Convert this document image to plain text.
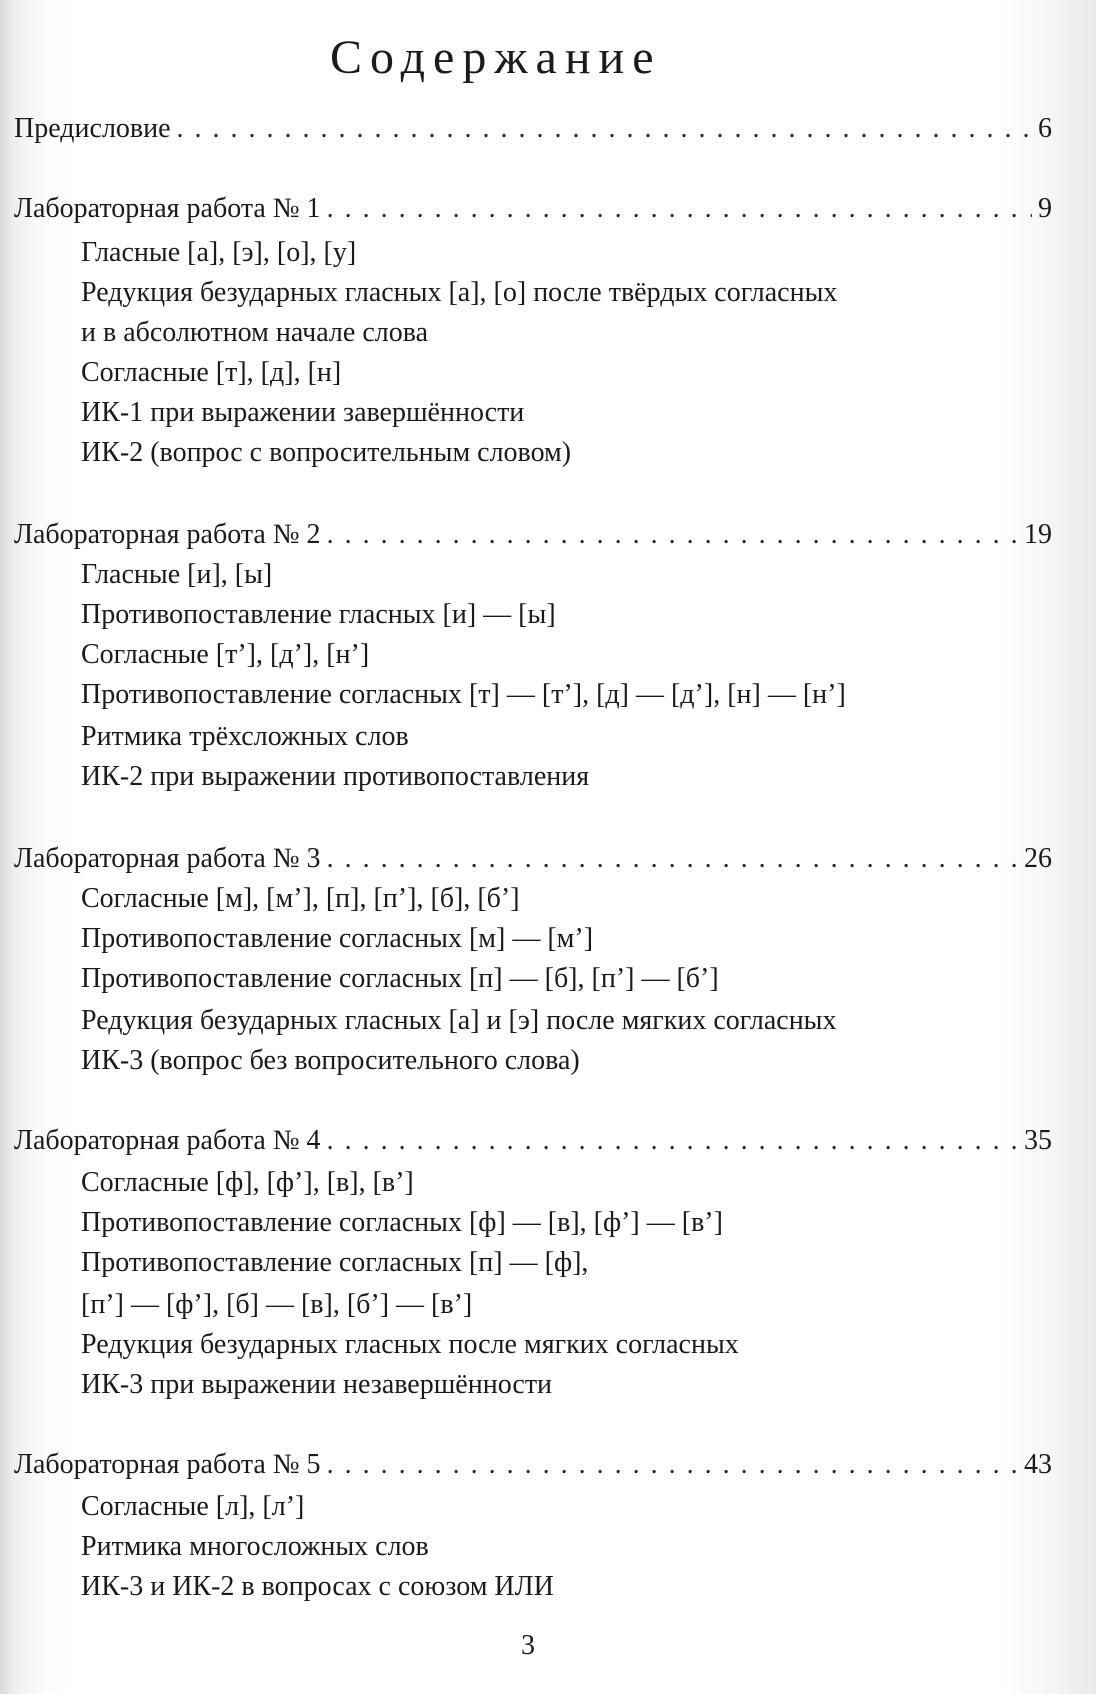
Содержание
Предисловие . . .	6
Лабораторная работа № 1 . . .	9
Гласные [а], [э], [о], [у]
Редукция безударных гласных [а], [о] после твёрдых согласных
и в абсолютном начале слова
Согласные [т], [д], [н]
ИК-1 при выражении завершённости
ИК-2 (вопрос с вопросительным словом)
Лабораторная работа № 2 . . .	19
Гласные [и], [ы]
Противопоставление гласных [и] — [ы]
Согласные [т’], [д’], [н’]
Противопоставление согласных [т] — [т’], [д] — [д’], [н] — [н’]
Ритмика трёхсложных слов
ИК-2 при выражении противопоставления
Лабораторная работа № 3 . . .	26
Согласные [м], [м’], [п], [п’], [б], [б’]
Противопоставление согласных [м] — [м’]
Противопоставление согласных [п] — [б], [п’] — [б’]
Редукция безударных гласных [а] и [э] после мягких согласных
ИК-3 (вопрос без вопросительного слова)
Лабораторная работа № 4 . . .	35
Согласные [ф], [ф’], [в], [в’]
Противопоставление согласных [ф] — [в], [ф’] — [в’]
Противопоставление согласных [п] — [ф],
[п’] — [ф’], [б] — [в], [б’] — [в’]
Редукция безударных гласных после мягких согласных
ИК-3 при выражении незавершённости
Лабораторная работа № 5 . . .	43
Согласные [л], [л’]
Ритмика многосложных слов
ИК-3 и ИК-2 в вопросах с союзом ИЛИ
3
